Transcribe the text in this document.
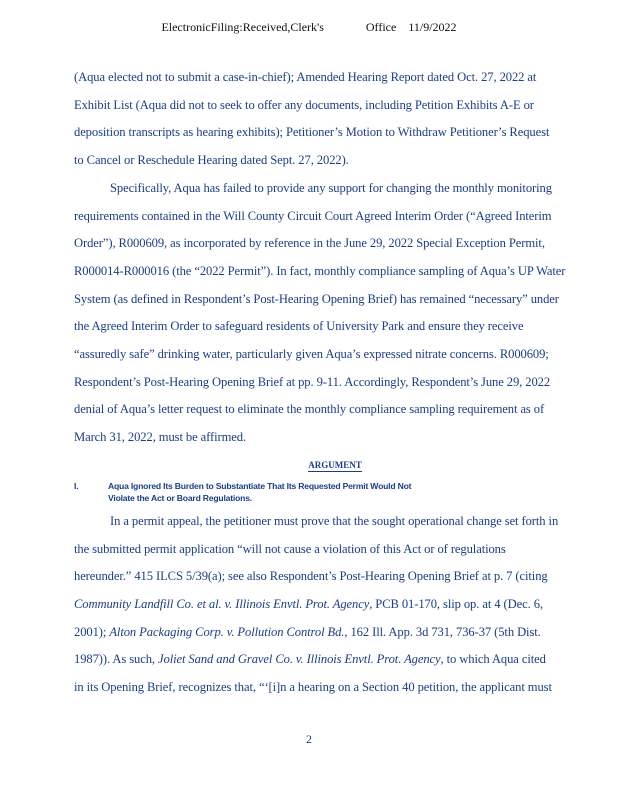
ElectronicFiling:Received,Clerk's	Office 11/9/2022

(Aqua elected not to submit a case-in-chief); Amended Hearing Report dated Oct. 27, 2022 at

Exhibit List (Aqua did not to seek to offer any documents, including Petition Exhibits A-E or

deposition transcripts as hearing exhibits); Petitioner’s Motion to Withdraw Petitioner’s Request

to Cancel or Reschedule Hearing dated Sept. 27, 2022).

Specifically, Aqua has failed to provide any support for changing the monthly monitoring

requirements contained in the Will County Circuit Court Agreed Interim Order (“Agreed Interim

Order”), R000609, as incorporated by reference in the June 29, 2022 Special Exception Permit,

R000014-R000016 (the “2022 Permit”). In fact, monthly compliance sampling of Aqua’s UP Water

System (as defined in Respondent’s Post-Hearing Opening Brief) has remained “necessary” under

the Agreed Interim Order to safeguard residents of University Park and ensure they receive

“assuredly safe” drinking water, particularly given Aqua’s expressed nitrate concerns. R000609;

Respondent’s Post-Hearing Opening Brief at pp. 9-11. Accordingly, Respondent’s June 29, 2022

denial of Aqua’s letter request to eliminate the monthly compliance sampling requirement as of

March 31, 2022, must be affirmed.

ARGUMENT
I.	Aqua Ignored Its Burden to Substantiate That Its Requested Permit Would Not
Violate the Act or Board Regulations.

In a permit appeal, the petitioner must prove that the sought operational change set forth in

the submitted permit application “will not cause a violation of this Act or of regulations

hereunder.” 415 ILCS 5/39(a); see also Respondent’s Post-Hearing Opening Brief at p. 7 (citing

Community Landfill Co. et al. v. Illinois Envtl. Prot. Agency, PCB 01-170, slip op. at 4 (Dec. 6,

2001); Alton Packaging Corp. v. Pollution Control Bd., 162 Ill. App. 3d 731, 736-37 (5th Dist.

1987)). As such, Joliet Sand and Gravel Co. v. Illinois Envtl. Prot. Agency, to which Aqua cited

in its Opening Brief, recognizes that, “‘[i]n a hearing on a Section 40 petition, the applicant must

2
